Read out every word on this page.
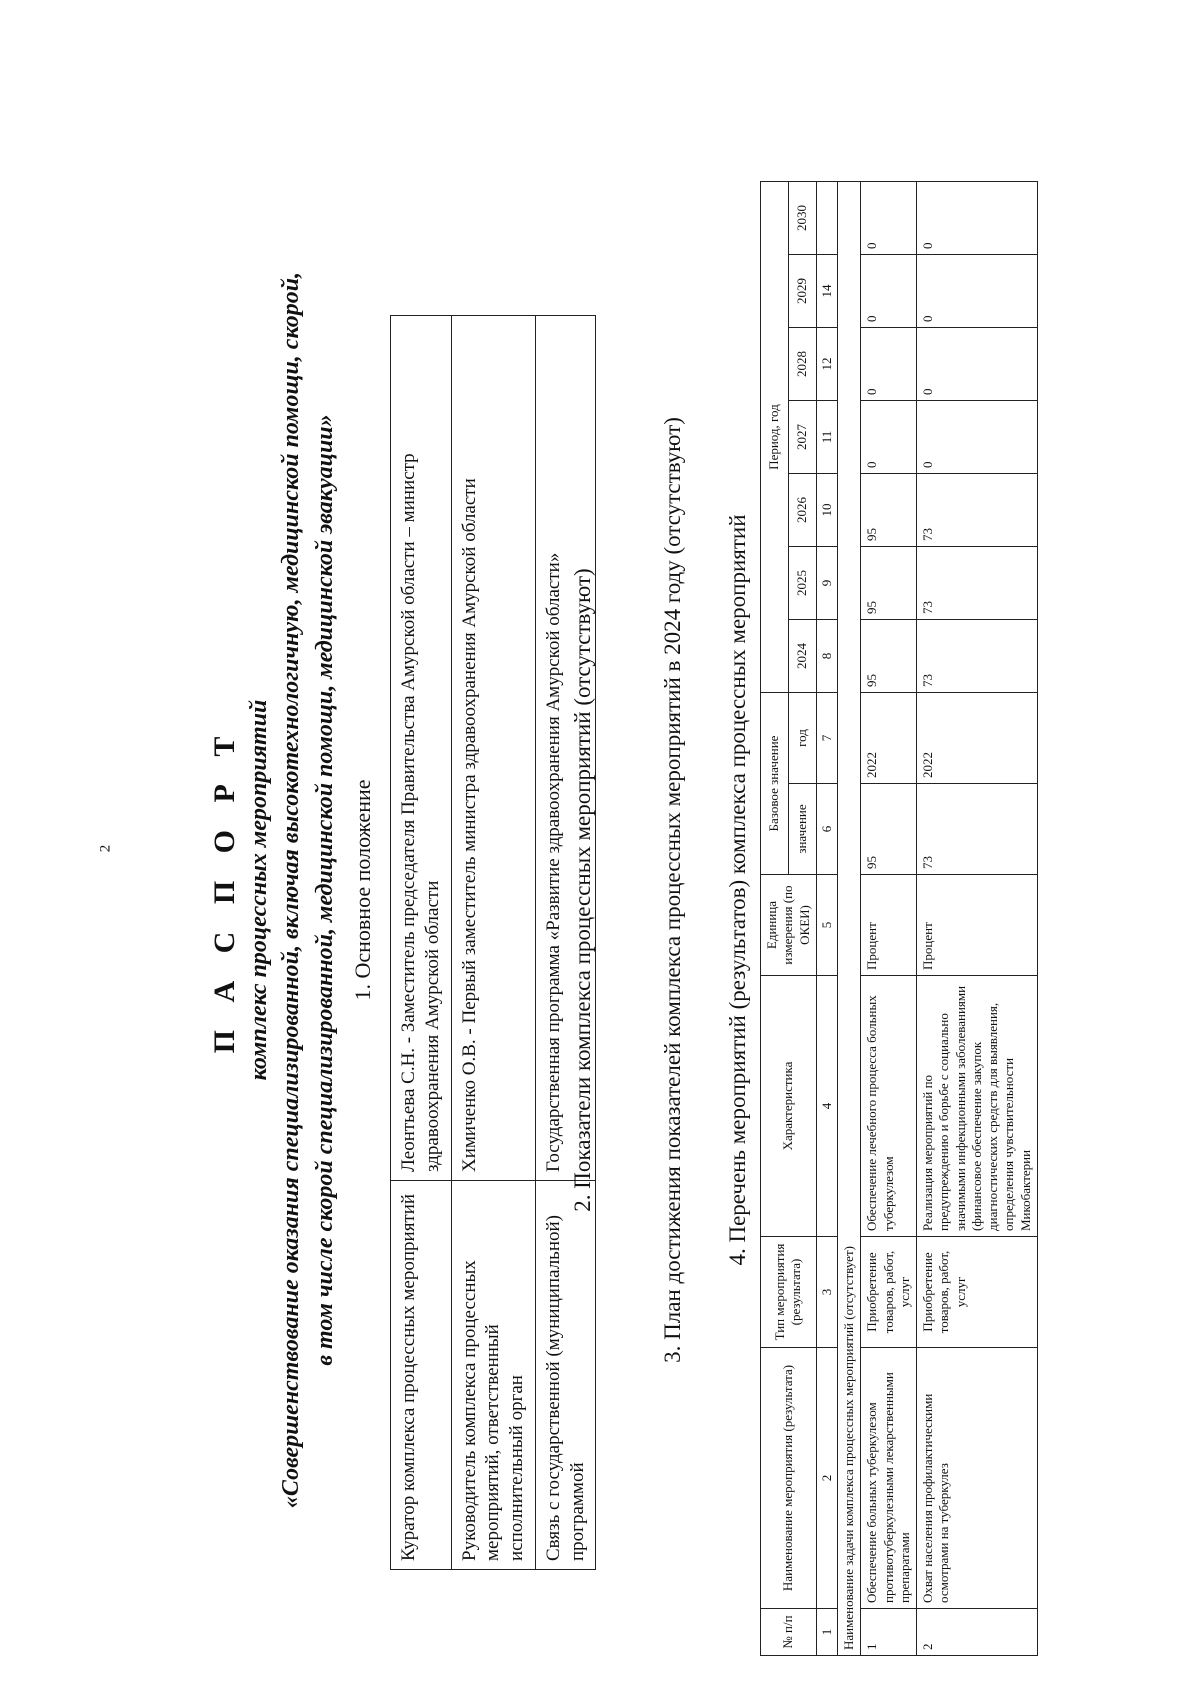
2	П А С П О Р Т комплекс процессных мероприятий «Совершенствование оказания специализированной, включая высокотехнологичную, медицинской помощи, скорой, в том числе скорой специализированной, медицинской помощи, медицинской эвакуации» 1. Основное положение
Куратор комплекса процессных мероприятий	Леонтьева С.Н. - Заместитель председателя Правительства Амурской области – министр здравоохранения Амурской области
Руководитель комплекса процессных мероприятий, ответственный исполнительный орган	Химиченко О.В. - Первый заместитель министра здравоохранения Амурской области
Связь с государственной (муниципальной) программой	Государственная программа «Развитие здравоохранения Амурской области» 2. Показатели комплекса процессных мероприятий (отсутствуют)	3. План достижения показателей комплекса процессных мероприятий в 2024 году (отсутствуют) 4. Перечень мероприятий (результатов) комплекса процессных мероприятий
№ п/п	Наименование мероприятия (результата)	Тип мероприятия (результата)	Характеристика	Единица измерения (по ОКЕИ)	Базовое значение		Период, год						
					значение	год	2024	2025	2026	2027	2028	2029	2030
1	2	3	4	5	6	7	8	9	10	11	12	14	
Наименование задачи комплекса процессных мероприятий (отсутствует)													
1	Обеспечение больных туберкулезом противотуберкулезными лекарственными препаратами	Приобретение товаров, работ, услуг	Обеспечение лечебного процесса больных туберкулезом	Процент	95	2022	95	95	95	0	0	0	0
2	Охват населения профилактическими осмотрами на туберкулез	Приобретение товаров, работ, услуг	Реализация мероприятий по предупреждению и борьбе с социально значимыми инфекционными заболеваниями (финансовое обеспечение закупок диагностических средств для выявления, определения чувствительности Микобактерии	Процент	73	2022	73	73	73	0	0	0	0
